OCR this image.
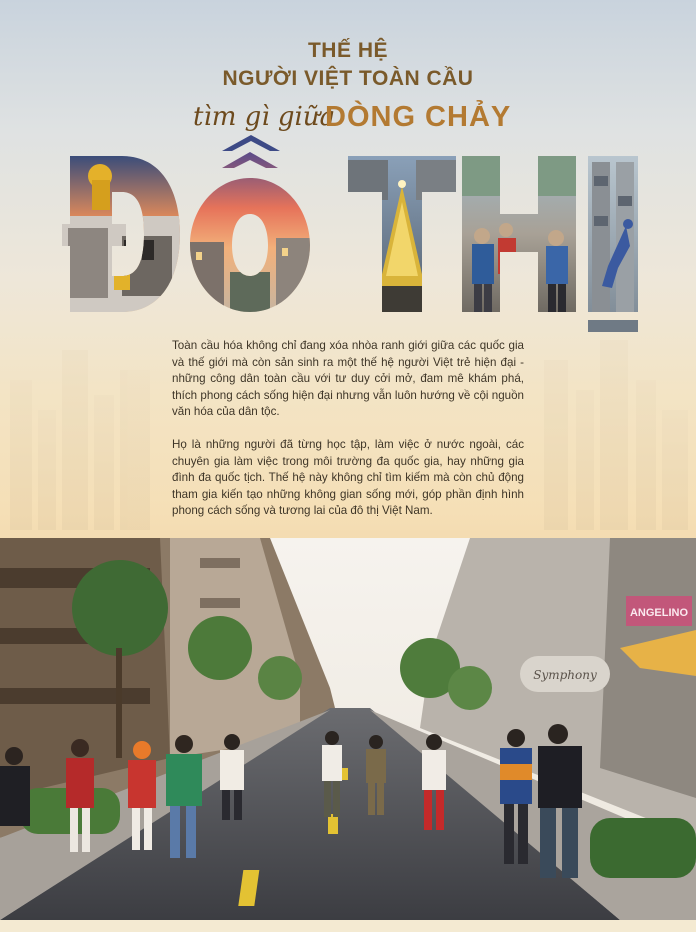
THẾ HỆ
NGƯỜI VIỆT TOÀN CẦU
tìm gì giữa
DÒNG CHẢY

Toàn cầu hóa không chỉ đang xóa nhòa ranh giới giữa các quốc gia và thế giới mà còn sản sinh ra một thế hệ người Việt trẻ hiện đại - những công dân toàn cầu với tư duy cởi mở, đam mê khám phá, thích phong cách sống hiện đại nhưng vẫn luôn hướng về cội nguồn văn hóa của dân tộc.

Họ là những người đã từng học tập, làm việc ở nước ngoài, các chuyên gia làm việc trong môi trường đa quốc gia, hay những gia đình đa quốc tịch. Thế hệ này không chỉ tìm kiếm mà còn chủ động tham gia kiến tạo những không gian sống mới, góp phần định hình phong cách sống và tương lai của đô thị Việt Nam.

ANGELINO
Symphony
